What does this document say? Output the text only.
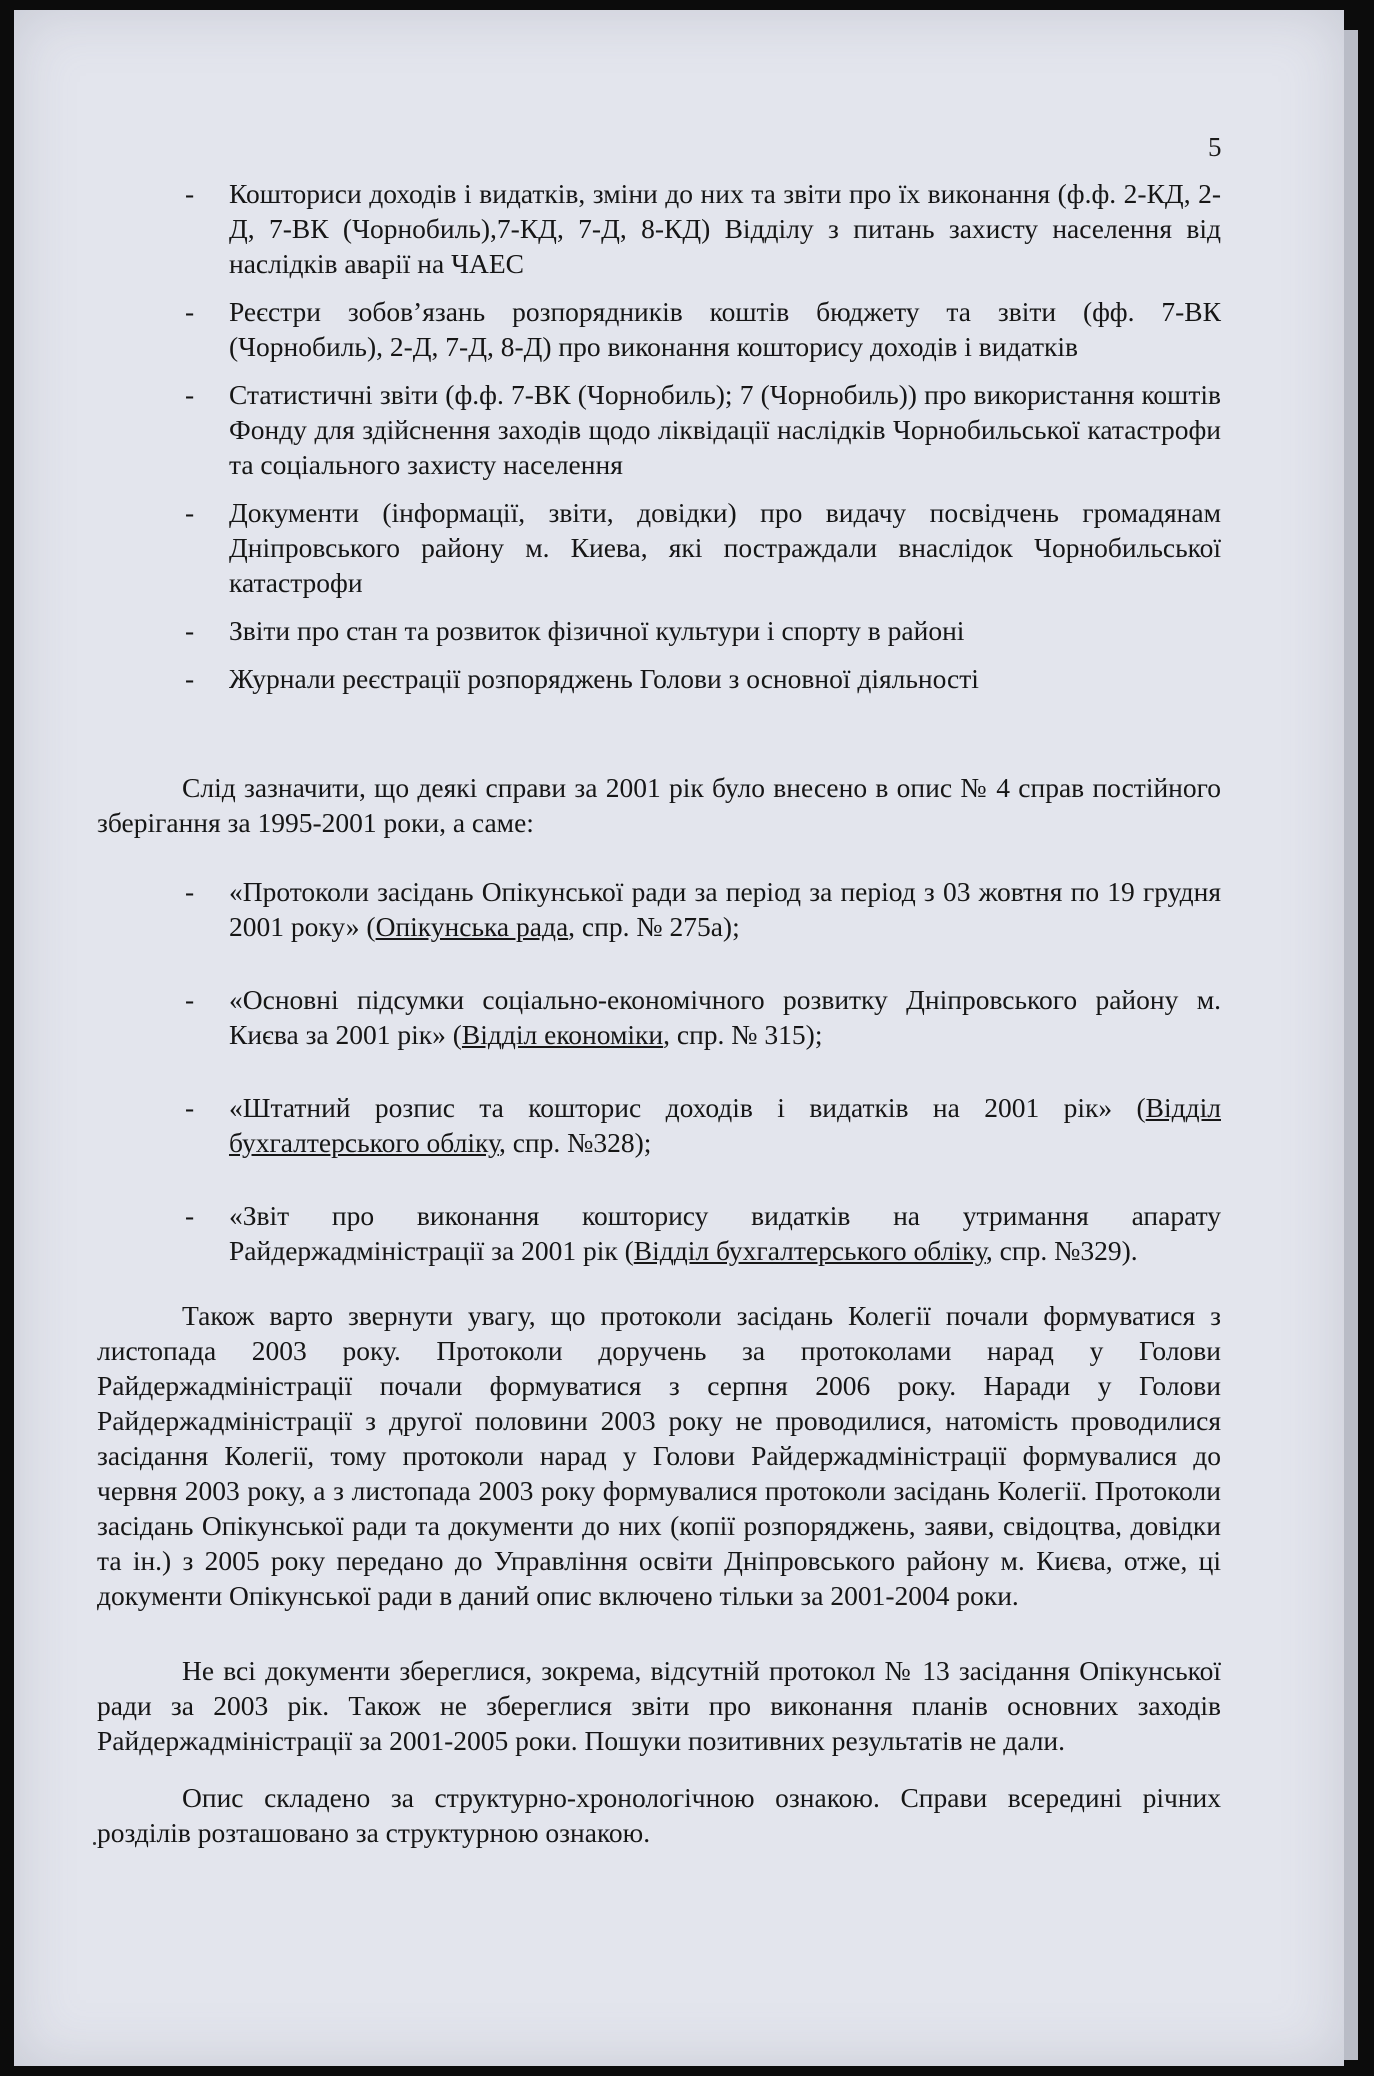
5
- Кошториси доходів і видатків, зміни до них та звіти про їх виконання (ф.ф. 2-КД, 2-Д, 7-ВК (Чорнобиль),7-КД, 7-Д, 8-КД) Відділу з питань захисту населення від наслідків аварії на ЧАЕС
- Реєстри зобов’язань розпорядників коштів бюджету та звіти (фф. 7-ВК (Чорнобиль), 2-Д, 7-Д, 8-Д) про виконання кошторису доходів і видатків
- Статистичні звіти (ф.ф. 7-ВК (Чорнобиль); 7 (Чорнобиль)) про використання коштів Фонду для здійснення заходів щодо ліквідації наслідків Чорнобильської катастрофи та соціального захисту населення
- Документи (інформації, звіти, довідки) про видачу посвідчень громадянам Дніпровського району м. Киева, які постраждали внаслідок Чорнобильської катастрофи
- Звіти про стан та розвиток фізичної культури і спорту в районі
- Журнали реєстрації розпоряджень Голови з основної діяльності

Слід зазначити, що деякі справи за 2001 рік було внесено в опис № 4 справ постійного зберігання за 1995-2001 роки, а саме:

- «Протоколи засідань Опікунської ради за період за період з 03 жовтня по 19 грудня 2001 року» (Опікунська рада, спр. № 275а);
- «Основні підсумки соціально-економічного розвитку Дніпровського району м. Києва за 2001 рік» (Відділ економіки, спр. № 315);
- «Штатний розпис та кошторис доходів і видатків на 2001 рік» (Відділ бухгалтерського обліку, спр. №328);
- «Звіт про виконання кошторису видатків на утримання апарату Райдержадміністрації за 2001 рік (Відділ бухгалтерського обліку, спр. №329).

Також варто звернути увагу, що протоколи засідань Колегії почали формуватися з листопада 2003 року. Протоколи доручень за протоколами нарад у Голови Райдержадміністрації почали формуватися з серпня 2006 року. Наради у Голови Райдержадміністрації з другої половини 2003 року не проводилися, натомість проводилися засідання Колегії, тому протоколи нарад у Голови Райдержадміністрації формувалися до червня 2003 року, а з листопада 2003 року формувалися протоколи засідань Колегії. Протоколи засідань Опікунської ради та документи до них (копії розпоряджень, заяви, свідоцтва, довідки та ін.) з 2005 року передано до Управління освіти Дніпровського району м. Києва, отже, ці документи Опікунської ради в даний опис включено тільки за 2001-2004 роки.

Не всі документи збереглися, зокрема, відсутній протокол № 13 засідання Опікунської ради за 2003 рік. Також не збереглися звіти про виконання планів основних заходів Райдержадміністрації за 2001-2005 роки. Пошуки позитивних результатів не дали.

Опис складено за структурно-хронологічною ознакою. Справи всередині річних розділів розташовано за структурною ознакою.
